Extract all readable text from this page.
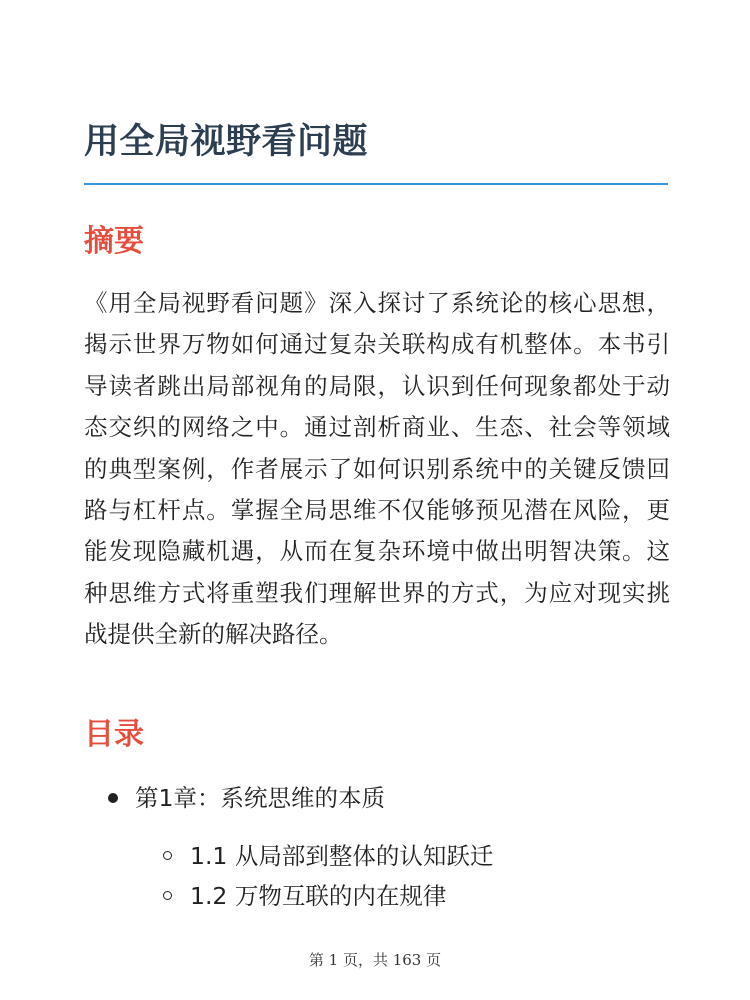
用全局视野看问题
摘要

《用全局视野看问题》深入探讨了系统论的核心思想，揭示世界万物如何通过复杂关联构成有机整体。本书引导读者跳出局部视角的局限，认识到任何现象都处于动态交织的网络之中。通过剖析商业、生态、社会等领域的典型案例，作者展示了如何识别系统中的关键反馈回路与杠杆点。掌握全局思维不仅能够预见潜在风险，更能发现隐藏机遇，从而在复杂环境中做出明智决策。这种思维方式将重塑我们理解世界的方式，为应对现实挑战提供全新的解决路径。

目录
第1章：系统思维的本质
1.1 从局部到整体的认知跃迁
1.2 万物互联的内在规律
第 1 页，共 163 页
